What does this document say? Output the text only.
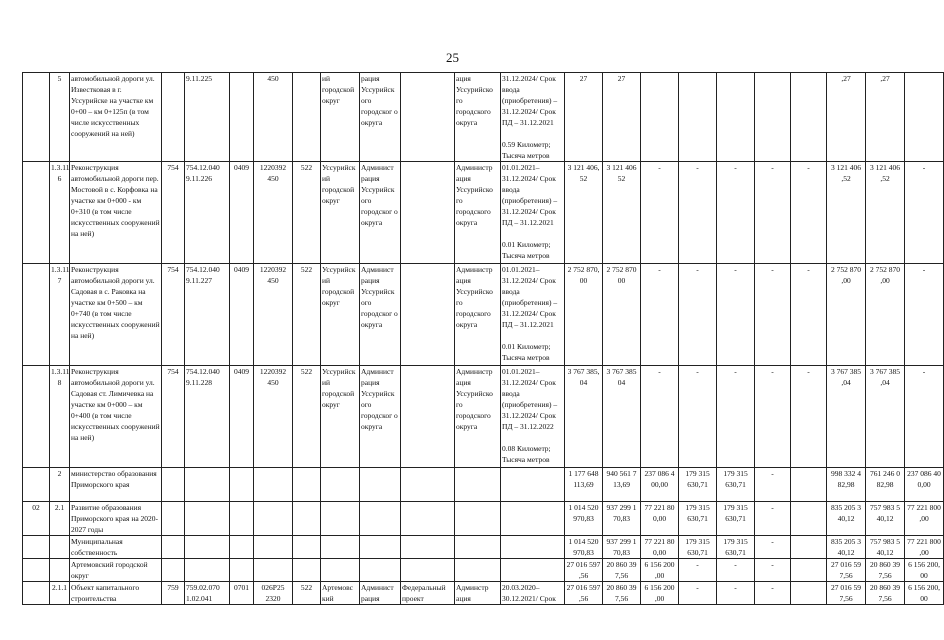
25
	5	автомобильной дороги ул. Известковая в г. Уссурийске на участке км 0+00 – км 0+125п (в том числе искусственных сооружений на ней)		9.11.225		450		ий городской округ	рация Уссурийск ого городског о округа		ация Уссурийско го городского округа	31.12.2024/ Срок ввода (приобретения) – 31.12.2024/ Срок ПД – 31.12.2021

0.59 Километр; Тысяча метров	27	27						,27	,27	
	1.3.11 6	Реконструкция автомобильной дороги пер. Мостовой в с. Корфовка на участке км 0+000 - км 0+310 (в том числе искусственных сооружений на ней)	754	754.12.040 9.11.226	0409	1220392 450	522	Уссурийск ий городской округ	Админист рация Уссурийск ого городског о округа		Администр ация Уссурийско го городского округа	01.01.2021– 31.12.2024/ Срок ввода (приобретения) – 31.12.2024/ Срок ПД – 31.12.2021

0.01 Километр; Тысяча метров	3 121 406, 52	3 121 406 52	-	-	-	-	-	3 121 406 ,52	3 121 406 ,52	-
	1.3.11 7	Реконструкция автомобильной дороги ул. Садовая в с. Раковка на участке км 0+500 – км 0+740 (в том числе искусственных сооружений на ней)	754	754.12.040 9.11.227	0409	1220392 450	522	Уссурийск ий городской округ	Админист рация Уссурийск ого городског о округа		Администр ация Уссурийско го городского округа	01.01.2021– 31.12.2024/ Срок ввода (приобретения) – 31.12.2024/ Срок ПД – 31.12.2021

0.01 Километр; Тысяча метров	2 752 870, 00	2 752 870 00	-	-	-	-	-	2 752 870 ,00	2 752 870 ,00	-
	1.3.11 8	Реконструкция автомобильной дороги ул. Садовая ст. Лимичевка на участке км 0+000 – км 0+400 (в том числе искусственных сооружений на ней)	754	754.12.040 9.11.228	0409	1220392 450	522	Уссурийск ий городской округ	Админист рация Уссурийск ого городског о округа		Администр ация Уссурийско го городского округа	01.01.2021– 31.12.2024/ Срок ввода (приобретения) – 31.12.2024/ Срок ПД – 31.12.2022

0.08 Километр; Тысяча метров	3 767 385, 04	3 767 385 04	-	-	-	-	-	3 767 385 ,04	3 767 385 ,04	-
	2	министерство образования Приморского края											1 177 648 113,69	940 561 7 13,69	237 086 4 00,00	179 315 630,71	179 315 630,71	-		998 332 4 82,98	761 246 0 82,98	237 086 40 0,00
02	2.1	Развитие образования Приморского края на 2020-2027 годы											1 014 520 970,83	937 299 1 70,83	77 221 80 0,00	179 315 630,71	179 315 630,71	-		835 205 3 40,12	757 983 5 40,12	77 221 800 ,00
		Муниципальная собственность											1 014 520 970,83	937 299 1 70,83	77 221 80 0,00	179 315 630,71	179 315 630,71	-		835 205 3 40,12	757 983 5 40,12	77 221 800 ,00
		Артемовский городской округ											27 016 597 ,56	20 860 39 7,56	6 156 200 ,00	-	-	-		27 016 59 7,56	20 860 39 7,56	6 156 200, 00
	2.1.1	Объект капитального строительства	759	759.02.070 1.02.041	0701	026P25 2320	522	Артемовс кий	Админист рация	Федеральный проект	Админстр ация	20.03.2020– 30.12.2021/ Срок	27 016 597 ,56	20 860 39 7,56	6 156 200 ,00	-	-	-		27 016 59 7,56	20 860 39 7,56	6 156 200, 00
